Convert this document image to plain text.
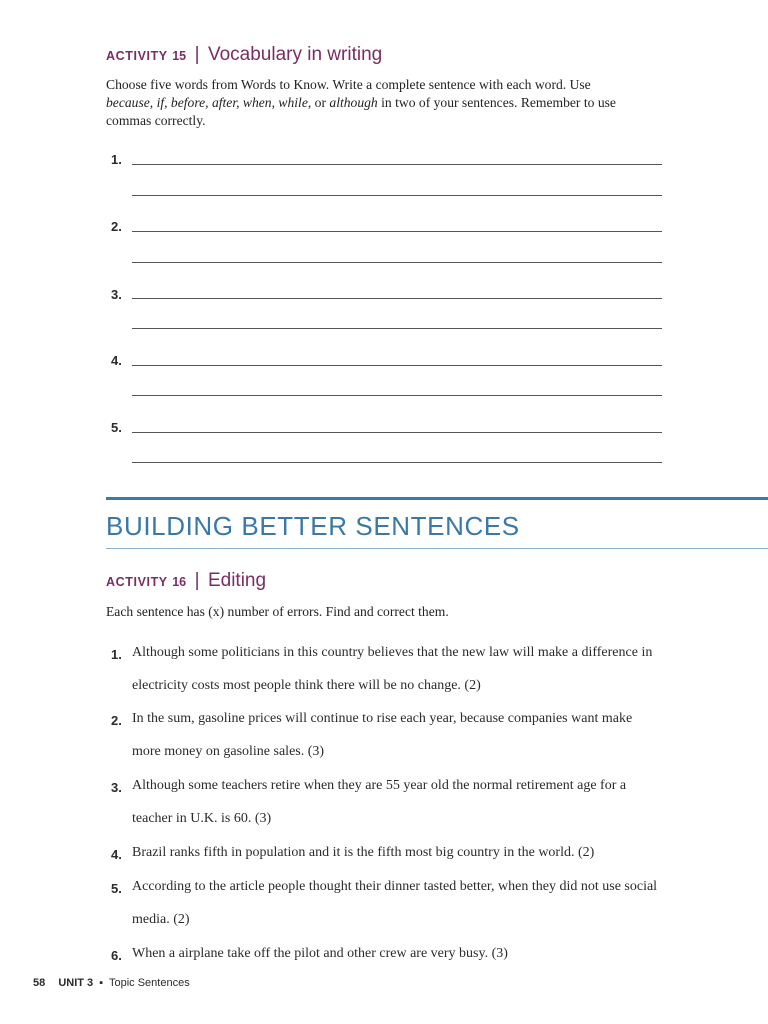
ACTIVITY 15 | Vocabulary in writing
Choose five words from Words to Know. Write a complete sentence with each word. Use
because, if, before, after, when, while, or although in two of your sentences. Remember to use
commas correctly.
1.
2.
3.
4.
5.
BUILDING BETTER SENTENCES
ACTIVITY 16 | Editing
Each sentence has (x) number of errors. Find and correct them.
1. Although some politicians in this country believes that the new law will make a difference in electricity costs most people think there will be no change. (2)
2. In the sum, gasoline prices will continue to rise each year, because companies want make more money on gasoline sales. (3)
3. Although some teachers retire when they are 55 year old the normal retirement age for a teacher in U.K. is 60. (3)
4. Brazil ranks fifth in population and it is the fifth most big country in the world. (2)
5. According to the article people thought their dinner tasted better, when they did not use social media. (2)
6. When a airplane take off the pilot and other crew are very busy. (3)
58 UNIT 3 ▪ Topic Sentences
